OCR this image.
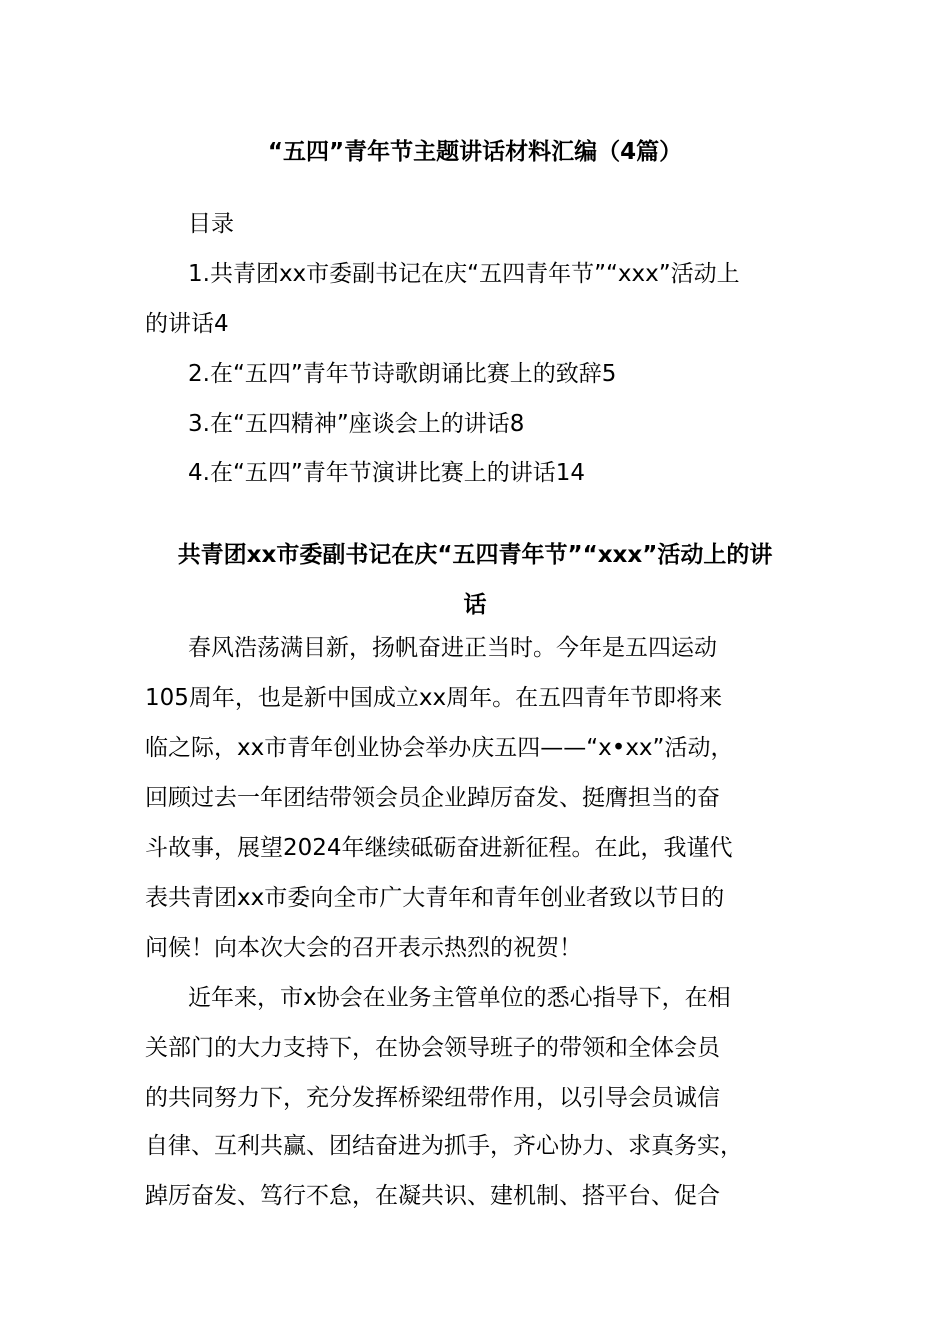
“五四”青年节主题讲话材料汇编（4篇）
目录
1.共青团xx市委副书记在庆“五四青年节”“xxx”活动上
的讲话4
2.在“五四”青年节诗歌朗诵比赛上的致辞5
3.在“五四精神”座谈会上的讲话8
4.在“五四”青年节演讲比赛上的讲话14
共青团xx市委副书记在庆“五四青年节”“xxx”活动上的讲
话
春风浩荡满目新，扬帆奋进正当时。今年是五四运动
105周年，也是新中国成立xx周年。在五四青年节即将来
临之际，xx市青年创业协会举办庆五四——“x•xx”活动，
回顾过去一年团结带领会员企业踔厉奋发、挺膺担当的奋
斗故事，展望2024年继续砥砺奋进新征程。在此，我谨代
表共青团xx市委向全市广大青年和青年创业者致以节日的
问候！向本次大会的召开表示热烈的祝贺！
近年来，市x协会在业务主管单位的悉心指导下，在相
关部门的大力支持下，在协会领导班子的带领和全体会员
的共同努力下，充分发挥桥梁纽带作用，以引导会员诚信
自律、互利共赢、团结奋进为抓手，齐心协力、求真务实，
踔厉奋发、笃行不怠，在凝共识、建机制、搭平台、促合
